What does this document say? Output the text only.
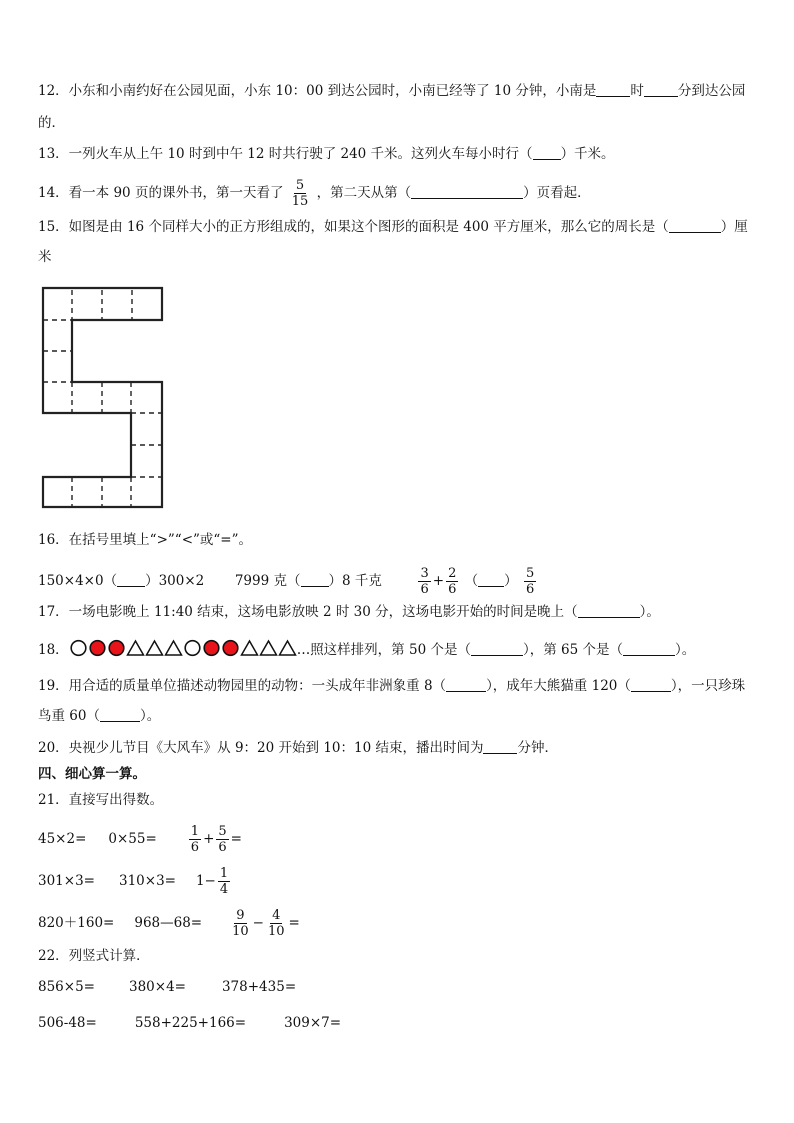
12．小东和小南约好在公园见面，小东 10：00 到达公园时，小南已经等了 10 分钟，小南是	时	分到达公园
的．
13．一列火车从上午 10 时到中午 12 时共行驶了 240 千米。这列火车每小时行（ ）千米。
14．看一本 90 页的课外书，第一天看了 $\frac{5}{15}$ ，第二天从第（	）页看起．
15．如图是由 16 个同样大小的正方形组成的，如果这个图形的面积是 400 平方厘米，那么它的周长是（	）厘
米
16．在括号里填上“>”“<”或“=”。
150×4×0（ ）300×2 7999 克（ ）8 千克	$\frac{3}{6} + \frac{2}{6}$ （ ） $\frac{5}{6}$
17．一场电影晚上 11:40 结束，这场电影放映 2 时 30 分，这场电影开始的时间是晚上（	）。
18．	…照这样排列，第 50 个是（	），第 65 个是（	）。
19．用合适的质量单位描述动物园里的动物：一头成年非洲象重 8（	），成年大熊猫重 120（	），一只珍珠
鸟重 60（	）。
20．央视少儿节目《大风车》从 9：20 开始到 10：10 结束，播出时间为	分钟．
四、细心算一算。
21．直接写出得数。
$45\times 2= 0\times 55= \frac{1}{6} + \frac{5}{6}$ =
$301\times 3= 310\times 3= 1- \frac{1}{4}$
820＋160= 968—68= $\frac{9}{10} - \frac{4}{10}$ =
22．列竖式计算．
856×5=	380×4=	378+435=
506-48=	558+225+166=	309×7=
